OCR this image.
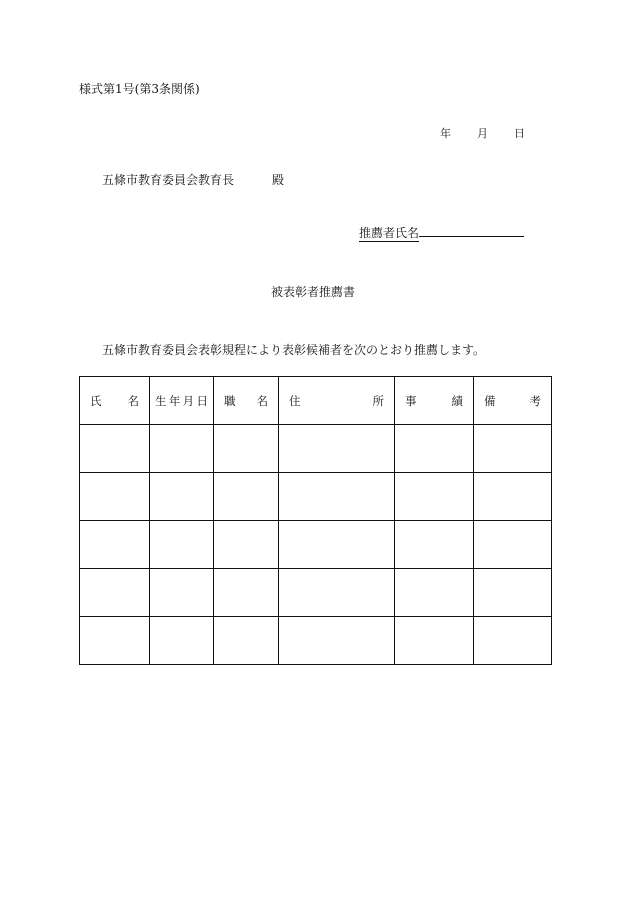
様式第1号(第3条関係)
年 月 日
五條市教育委員会教育長	殿
推薦者氏名
被表彰者推薦書
五條市教育委員会表彰規程により表彰候補者を次のとおり推薦します。
氏 名	生 年 月 日	職 名	住 所	事 績	備 考
